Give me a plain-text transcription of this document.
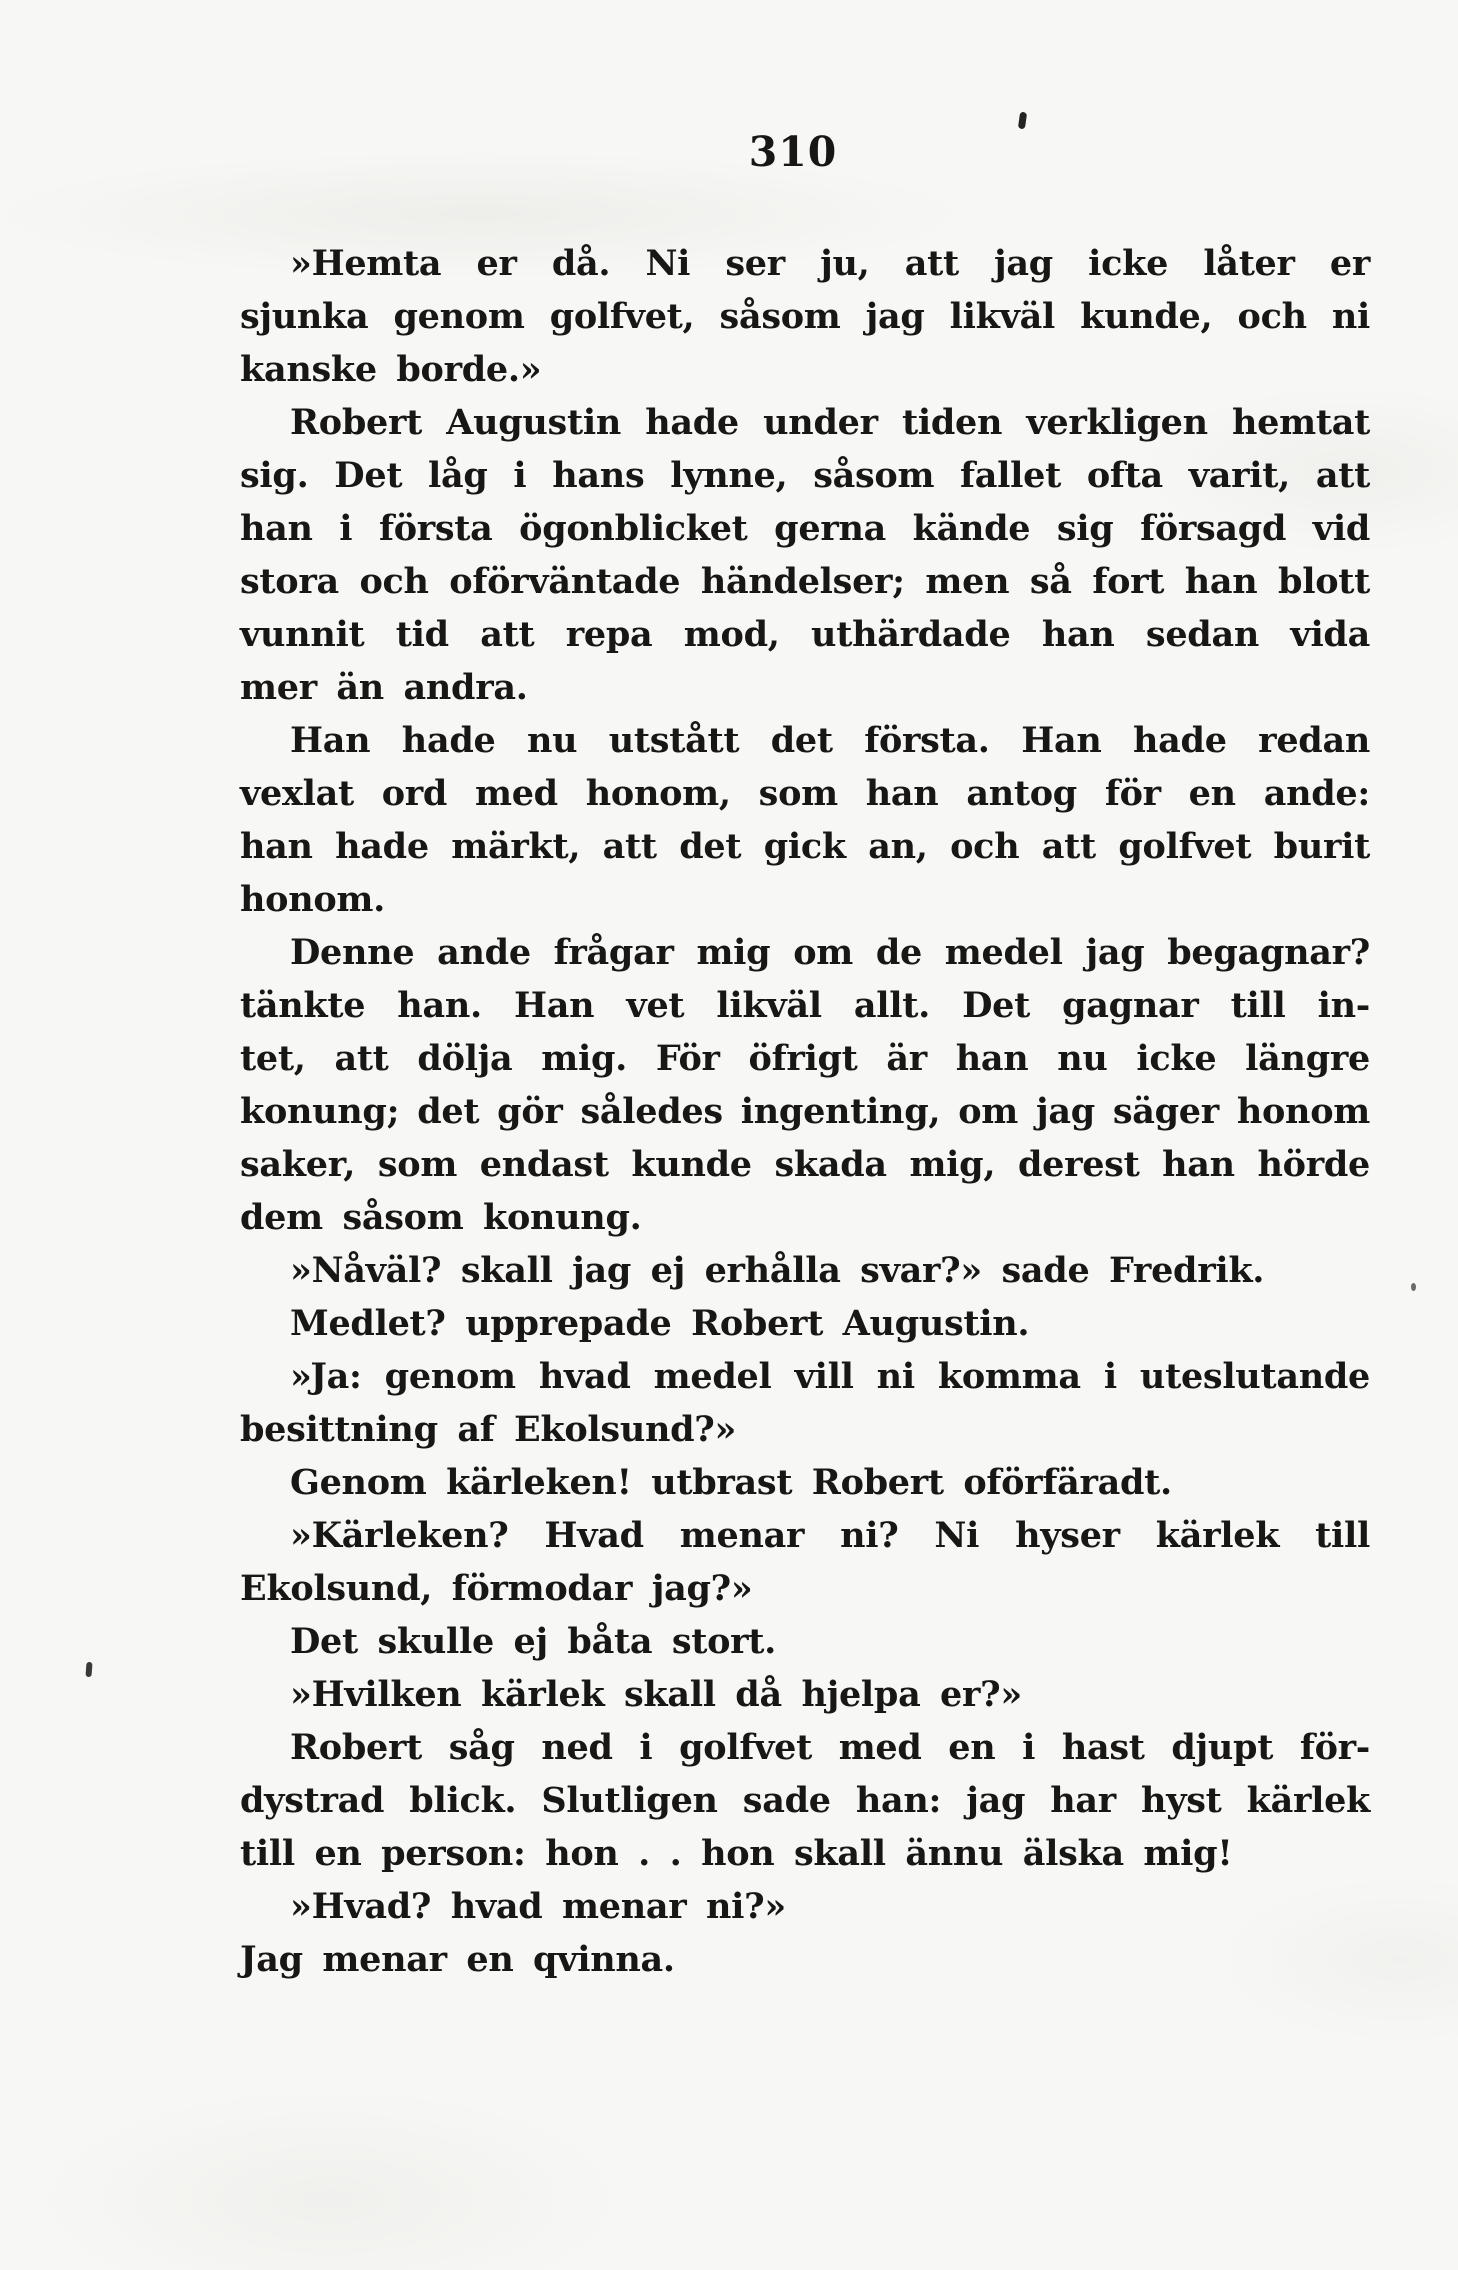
310
»Hemta er då. Ni ser ju, att jag icke låter er
sjunka genom golfvet, såsom jag likväl kunde, och ni
kanske borde.»
Robert Augustin hade under tiden verkligen hemtat
sig. Det låg i hans lynne, såsom fallet ofta varit, att
han i första ögonblicket gerna kände sig försagd vid
stora och oförväntade händelser; men så fort han blott
vunnit tid att repa mod, uthärdade han sedan vida
mer än andra.
Han hade nu utstått det första. Han hade redan
vexlat ord med honom, som han antog för en ande:
han hade märkt, att det gick an, och att golfvet burit
honom.
Denne ande frågar mig om de medel jag begagnar?
tänkte han. Han vet likväl allt. Det gagnar till in-
tet, att dölja mig. För öfrigt är han nu icke längre
konung; det gör således ingenting, om jag säger honom
saker, som endast kunde skada mig, derest han hörde
dem såsom konung.
»Nåväl? skall jag ej erhålla svar?» sade Fredrik.
Medlet? upprepade Robert Augustin.
»Ja: genom hvad medel vill ni komma i uteslutande
besittning af Ekolsund?»
Genom kärleken! utbrast Robert oförfäradt.
»Kärleken? Hvad menar ni? Ni hyser kärlek till
Ekolsund, förmodar jag?»
Det skulle ej båta stort.
»Hvilken kärlek skall då hjelpa er?»
Robert såg ned i golfvet med en i hast djupt för-
dystrad blick. Slutligen sade han: jag har hyst kärlek
till en person: hon . . hon skall ännu älska mig!
»Hvad? hvad menar ni?»
Jag menar en qvinna.
